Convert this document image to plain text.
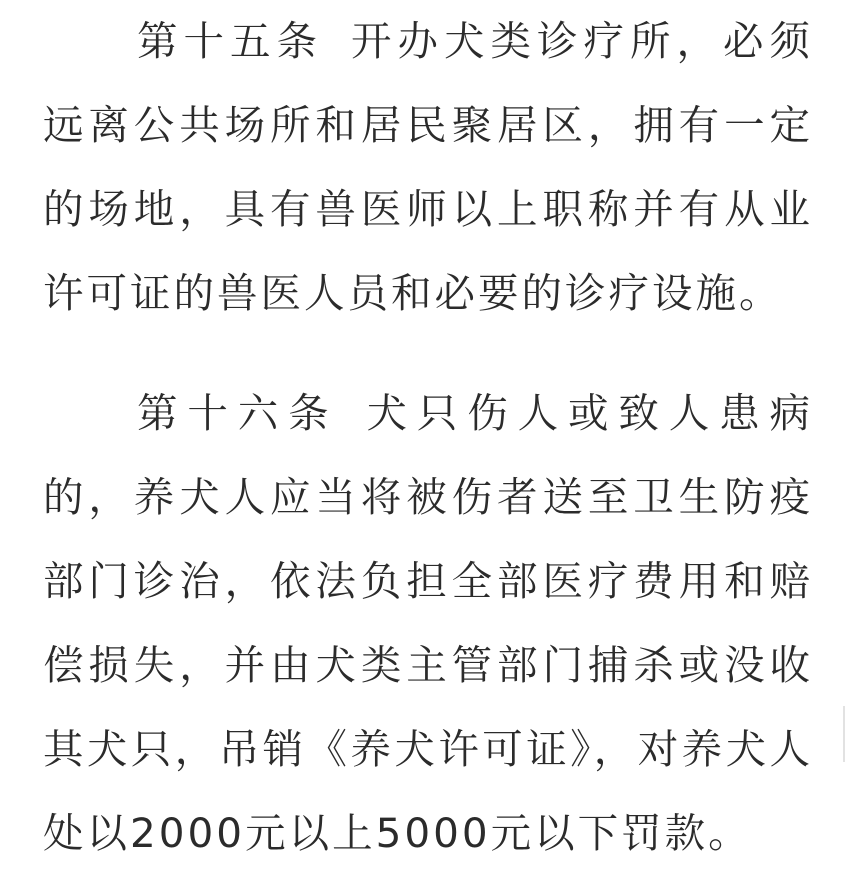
第十五条 开办犬类诊疗所，必须远离公共场所和居民聚居区，拥有一定的场地，具有兽医师以上职称并有从业许可证的兽医人员和必要的诊疗设施。

第十六条 犬只伤人或致人患病的，养犬人应当将被伤者送至卫生防疫部门诊治，依法负担全部医疗费用和赔偿损失，并由犬类主管部门捕杀或没收其犬只，吊销《养犬许可证》，对养犬人处以2000元以上5000元以下罚款。
